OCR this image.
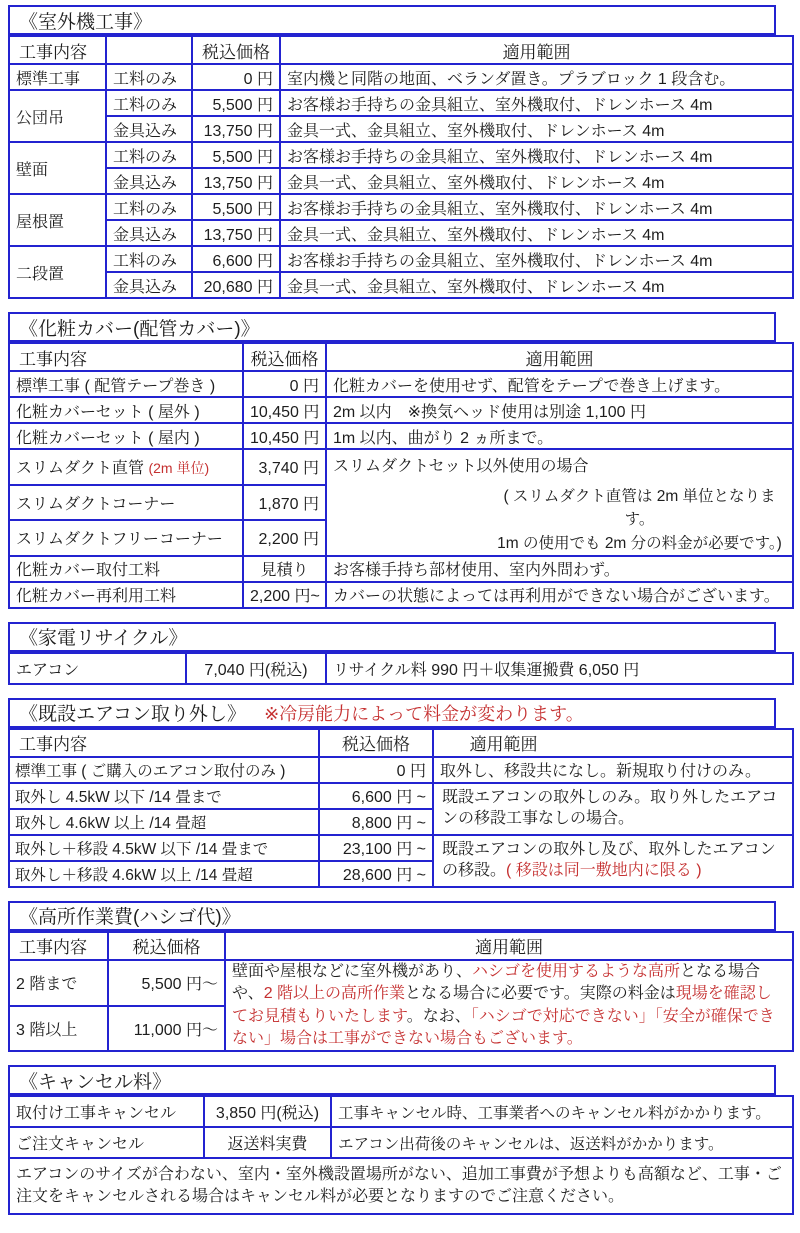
《室外機工事》
工事内容		税込価格	適用範囲
標準工事	工料のみ	0 円	室内機と同階の地面、ベランダ置き。プラブロック 1 段含む。
公団吊	工料のみ	5,500 円	お客様お手持ちの金具組立、室外機取付、ドレンホース 4m
	金具込み	13,750 円	金具一式、金具組立、室外機取付、ドレンホース 4m
壁面	工料のみ	5,500 円	お客様お手持ちの金具組立、室外機取付、ドレンホース 4m
	金具込み	13,750 円	金具一式、金具組立、室外機取付、ドレンホース 4m
屋根置	工料のみ	5,500 円	お客様お手持ちの金具組立、室外機取付、ドレンホース 4m
	金具込み	13,750 円	金具一式、金具組立、室外機取付、ドレンホース 4m
二段置	工料のみ	6,600 円	お客様お手持ちの金具組立、室外機取付、ドレンホース 4m
	金具込み	20,680 円	金具一式、金具組立、室外機取付、ドレンホース 4m
《化粧カバー(配管カバー)》
工事内容	税込価格	適用範囲
標準工事 ( 配管テープ巻き )	0 円	化粧カバーを使用せず、配管をテープで巻き上げます。
化粧カバーセット ( 屋外 )	10,450 円	2m 以内　※換気ヘッド使用は別途 1,100 円
化粧カバーセット ( 屋内 )	10,450 円	1m 以内、曲がり 2 ヵ所まで。
スリムダクト直管 (2m 単位)	3,740 円	スリムダクトセット以外使用の場合
( スリムダクト直管は 2m 単位となります。
1m の使用でも 2m 分の料金が必要です。)

スリムダクトコーナー	1,870 円	
スリムダクトフリーコーナー	2,200 円	
化粧カバー取付工料	見積り	お客様手持ち部材使用、室内外問わず。
化粧カバー再利用工料	2,200 円~	カバーの状態によっては再利用ができない場合がございます。
《家電リサイクル》
エアコン	7,040 円(税込)	リサイクル料 990 円＋収集運搬費 6,050 円
《既設エアコン取り外し》 ※冷房能力によって料金が変わります。
工事内容	税込価格	適用範囲
標準工事 ( ご購入のエアコン取付のみ )	0 円	取外し、移設共になし。新規取り付けのみ。
取外し 4.5kW 以下 /14 畳まで	6,600 円 ~	既設エアコンの取外しのみ。取り外したエアコンの移設工事なしの場合。
取外し 4.6kW 以上 /14 畳超	8,800 円 ~	
取外し＋移設 4.5kW 以下 /14 畳まで	23,100 円 ~	既設エアコンの取外し及び、取外したエアコンの移設。( 移設は同一敷地内に限る )
取外し＋移設 4.6kW 以上 /14 畳超	28,600 円 ~	
《高所作業費(ハシゴ代)》
工事内容	税込価格	適用範囲
2 階まで	5,500 円～	壁面や屋根などに室外機があり、ハシゴを使用するような高所となる場合や、2 階以上の高所作業となる場合に必要です。実際の料金は現場を確認してお見積もりいたします。なお、「ハシゴで対応できない」「安全が確保できない」場合は工事ができない場合もございます。
3 階以上	11,000 円～	
《キャンセル料》
取付け工事キャンセル	3,850 円(税込)	工事キャンセル時、工事業者へのキャンセル料がかかります。
ご注文キャンセル	返送料実費	エアコン出荷後のキャンセルは、返送料がかかります。
エアコンのサイズが合わない、室内・室外機設置場所がない、追加工事費が予想よりも高額など、工事・ご注文をキャンセルされる場合はキャンセル料が必要となりますのでご注意ください。		
